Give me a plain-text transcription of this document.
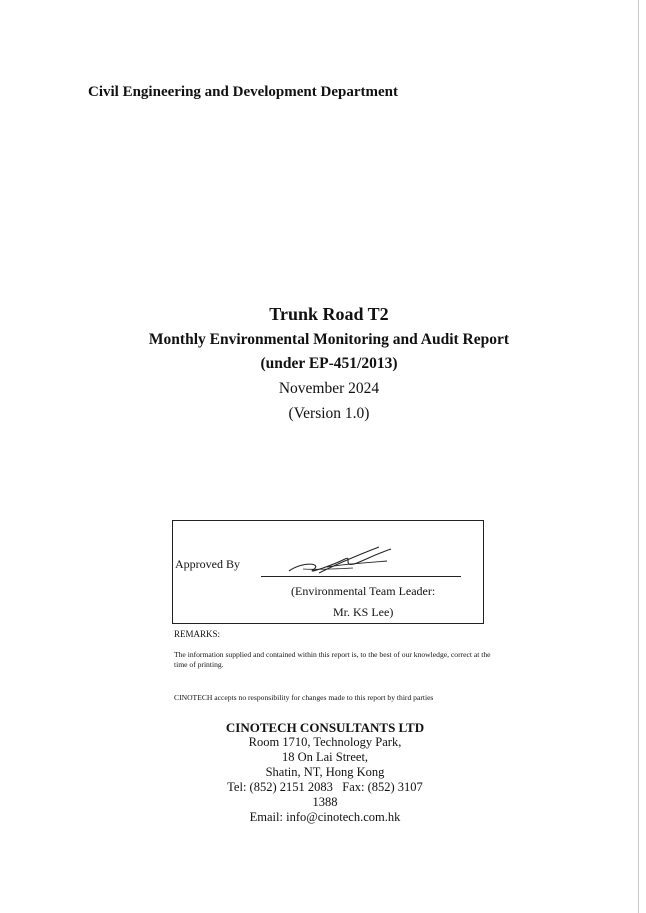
Civil Engineering and Development Department
Trunk Road T2
Monthly Environmental Monitoring and Audit Report
(under EP-451/2013)
November 2024
(Version 1.0)
Approved By
(Environmental Team Leader:
Mr. KS Lee)
REMARKS:
The information supplied and contained within this report is, to the best of our knowledge, correct at the time of printing.
CINOTECH accepts no responsibility for changes made to this report by third parties
CINOTECH CONSULTANTS LTD
Room 1710, Technology Park,
18 On Lai Street,
Shatin, NT, Hong Kong
Tel: (852) 2151 2083   Fax: (852) 3107
1388
Email: info@cinotech.com.hk
